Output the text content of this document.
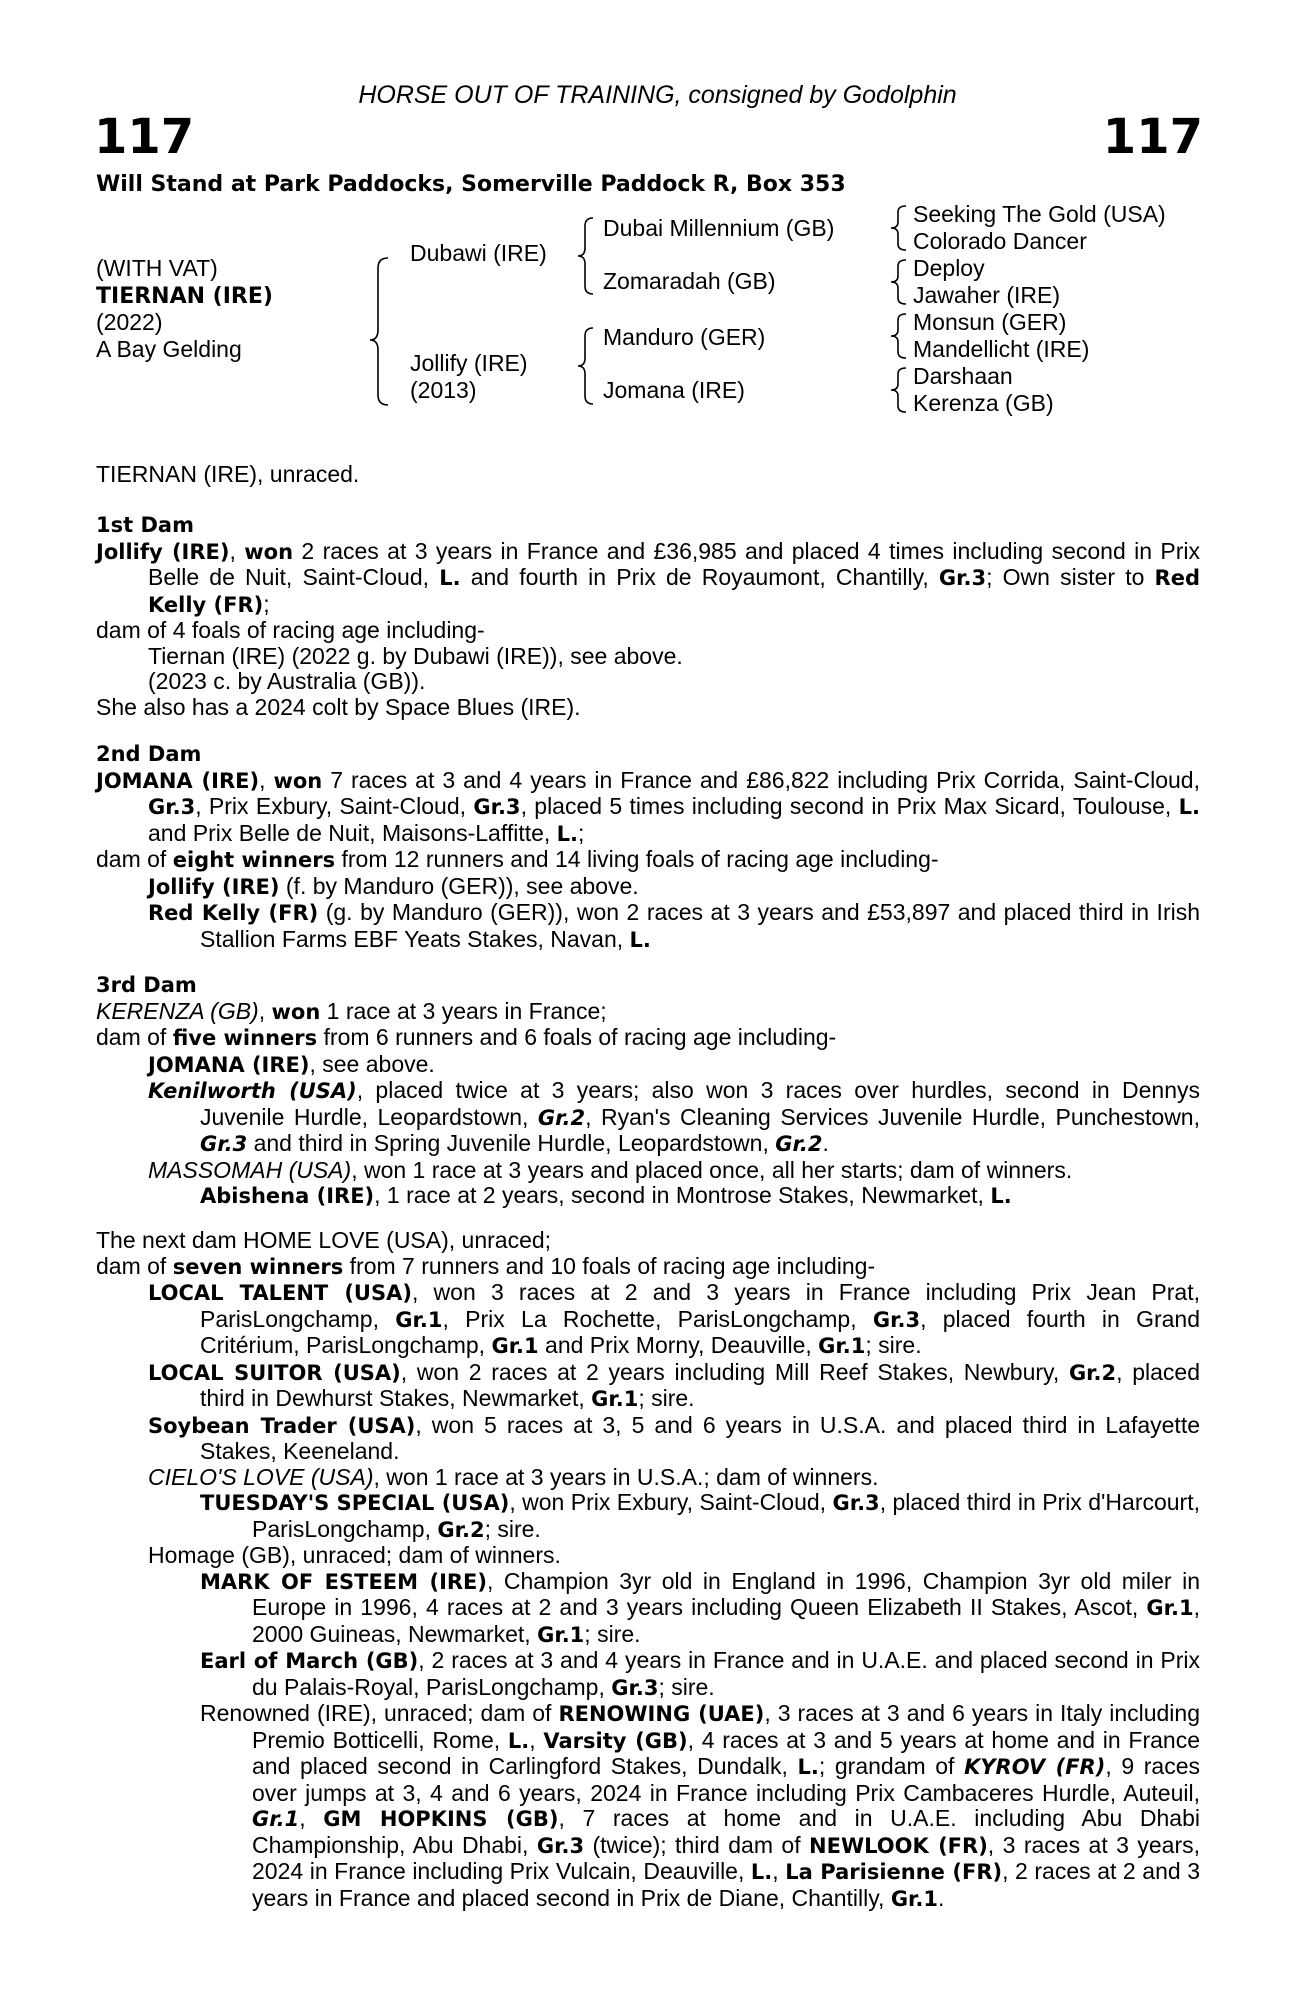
HORSE OUT OF TRAINING, consigned by Godolphin
117	117
Will Stand at Park Paddocks, Somerville Paddock R, Box 353
(WITH VAT)
TIERNAN (IRE)
(2022)
A Bay Gelding
Dubawi (IRE)
Jollify (IRE)
(2013)
Dubai Millennium (GB)
Zomaradah (GB)
Manduro (GER)
Jomana (IRE)
Seeking The Gold (USA)
Colorado Dancer
Deploy
Jawaher (IRE)
Monsun (GER)
Mandellicht (IRE)
Darshaan
Kerenza (GB)

TIERNAN (IRE), unraced.

1st Dam

Jollify (IRE), won 2 races at 3 years in France and £36,985 and placed 4 times including second in Prix Belle de Nuit, Saint-Cloud, L. and fourth in Prix de Royaumont, Chantilly, Gr.3; Own sister to Red Kelly (FR);

dam of 4 foals of racing age including-

Tiernan (IRE) (2022 g. by Dubawi (IRE)), see above.

(2023 c. by Australia (GB)).

She also has a 2024 colt by Space Blues (IRE).

2nd Dam

JOMANA (IRE), won 7 races at 3 and 4 years in France and £86,822 including Prix Corrida, Saint-Cloud, Gr.3, Prix Exbury, Saint-Cloud, Gr.3, placed 5 times including second in Prix Max Sicard, Toulouse, L. and Prix Belle de Nuit, Maisons-Laffitte, L.;

dam of eight winners from 12 runners and 14 living foals of racing age including-

Jollify (IRE) (f. by Manduro (GER)), see above.

Red Kelly (FR) (g. by Manduro (GER)), won 2 races at 3 years and £53,897 and placed third in Irish Stallion Farms EBF Yeats Stakes, Navan, L.

3rd Dam

KERENZA (GB), won 1 race at 3 years in France;

dam of five winners from 6 runners and 6 foals of racing age including-

JOMANA (IRE), see above.

Kenilworth (USA), placed twice at 3 years; also won 3 races over hurdles, second in Dennys Juvenile Hurdle, Leopardstown, Gr.2, Ryan's Cleaning Services Juvenile Hurdle, Punchestown, Gr.3 and third in Spring Juvenile Hurdle, Leopardstown, Gr.2.

MASSOMAH (USA), won 1 race at 3 years and placed once, all her starts; dam of winners.

Abishena (IRE), 1 race at 2 years, second in Montrose Stakes, Newmarket, L.

The next dam HOME LOVE (USA), unraced;

dam of seven winners from 7 runners and 10 foals of racing age including-

LOCAL TALENT (USA), won 3 races at 2 and 3 years in France including Prix Jean Prat, ParisLongchamp, Gr.1, Prix La Rochette, ParisLongchamp, Gr.3, placed fourth in Grand Critérium, ParisLongchamp, Gr.1 and Prix Morny, Deauville, Gr.1; sire.

LOCAL SUITOR (USA), won 2 races at 2 years including Mill Reef Stakes, Newbury, Gr.2, placed third in Dewhurst Stakes, Newmarket, Gr.1; sire.

Soybean Trader (USA), won 5 races at 3, 5 and 6 years in U.S.A. and placed third in Lafayette Stakes, Keeneland.

CIELO'S LOVE (USA), won 1 race at 3 years in U.S.A.; dam of winners.

TUESDAY'S SPECIAL (USA), won Prix Exbury, Saint-Cloud, Gr.3, placed third in Prix d'Harcourt, ParisLongchamp, Gr.2; sire.

Homage (GB), unraced; dam of winners.

MARK OF ESTEEM (IRE), Champion 3yr old in England in 1996, Champion 3yr old miler in Europe in 1996, 4 races at 2 and 3 years including Queen Elizabeth II Stakes, Ascot, Gr.1, 2000 Guineas, Newmarket, Gr.1; sire.

Earl of March (GB), 2 races at 3 and 4 years in France and in U.A.E. and placed second in Prix du Palais-Royal, ParisLongchamp, Gr.3; sire.

Renowned (IRE), unraced; dam of RENOWING (UAE), 3 races at 3 and 6 years in Italy including Premio Botticelli, Rome, L., Varsity (GB), 4 races at 3 and 5 years at home and in France and placed second in Carlingford Stakes, Dundalk, L.; grandam of KYROV (FR), 9 races over jumps at 3, 4 and 6 years, 2024 in France including Prix Cambaceres Hurdle, Auteuil, Gr.1, GM HOPKINS (GB), 7 races at home and in U.A.E. including Abu Dhabi Championship, Abu Dhabi, Gr.3 (twice); third dam of NEWLOOK (FR), 3 races at 3 years, 2024 in France including Prix Vulcain, Deauville, L., La Parisienne (FR), 2 races at 2 and 3 years in France and placed second in Prix de Diane, Chantilly, Gr.1.
